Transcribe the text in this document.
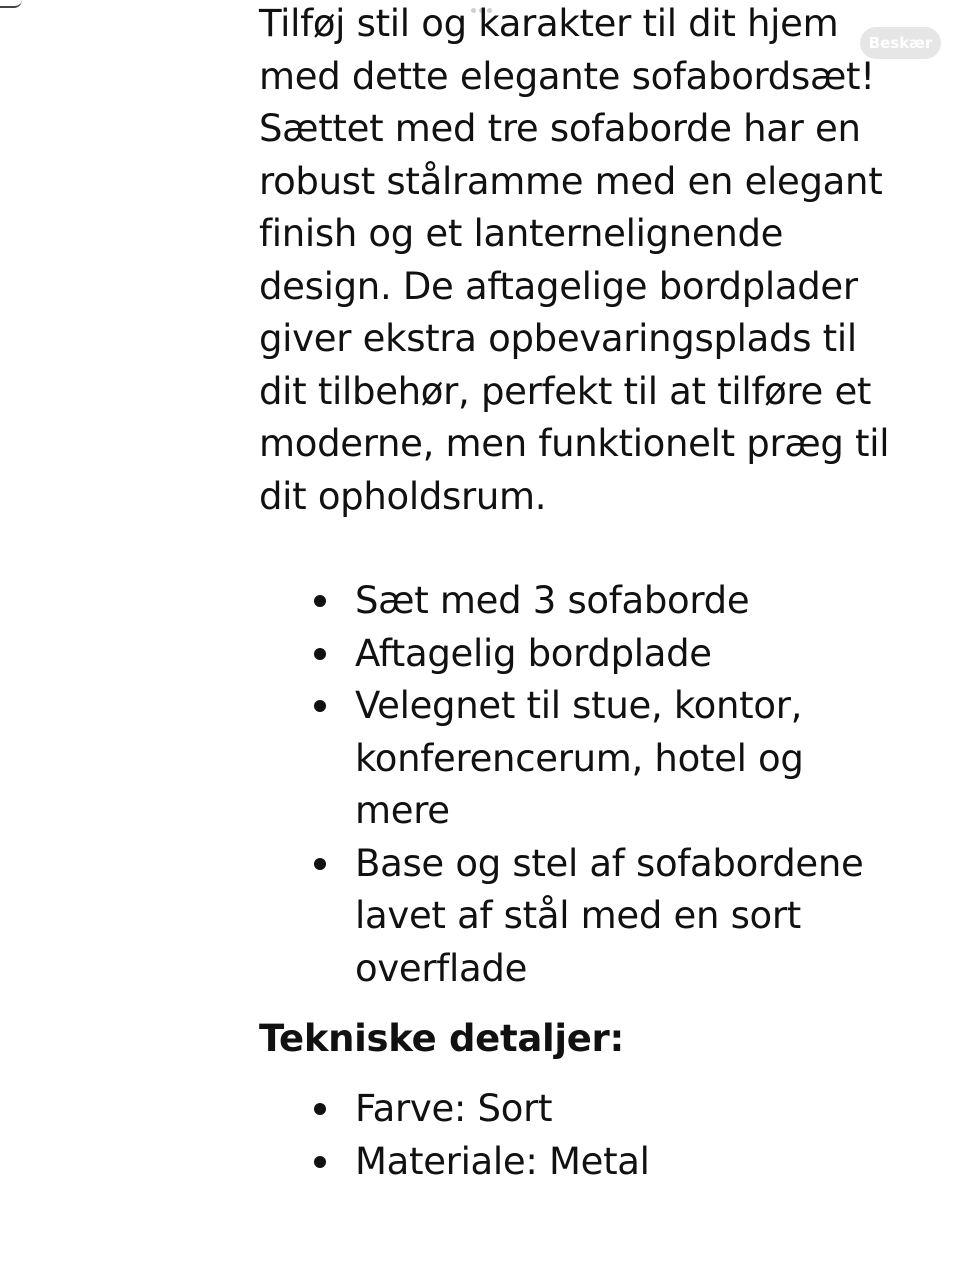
Beskær

Tilføj stil og karakter til dit hjem med dette elegante sofabordsæt! Sættet med tre sofaborde har en robust stålramme med en elegant finish og et lanternelignende design. De aftagelige bordplader giver ekstra opbevaringsplads til dit tilbehør, perfekt til at tilføre et moderne, men funktionelt præg til dit opholdsrum.

Sæt med 3 sofaborde
Aftagelig bordplade
Velegnet til stue, kontor, konferencerum, hotel og mere
Base og stel af sofabordene lavet af stål med en sort overflade
Tekniske detaljer:
Farve: Sort
Materiale: Metal
